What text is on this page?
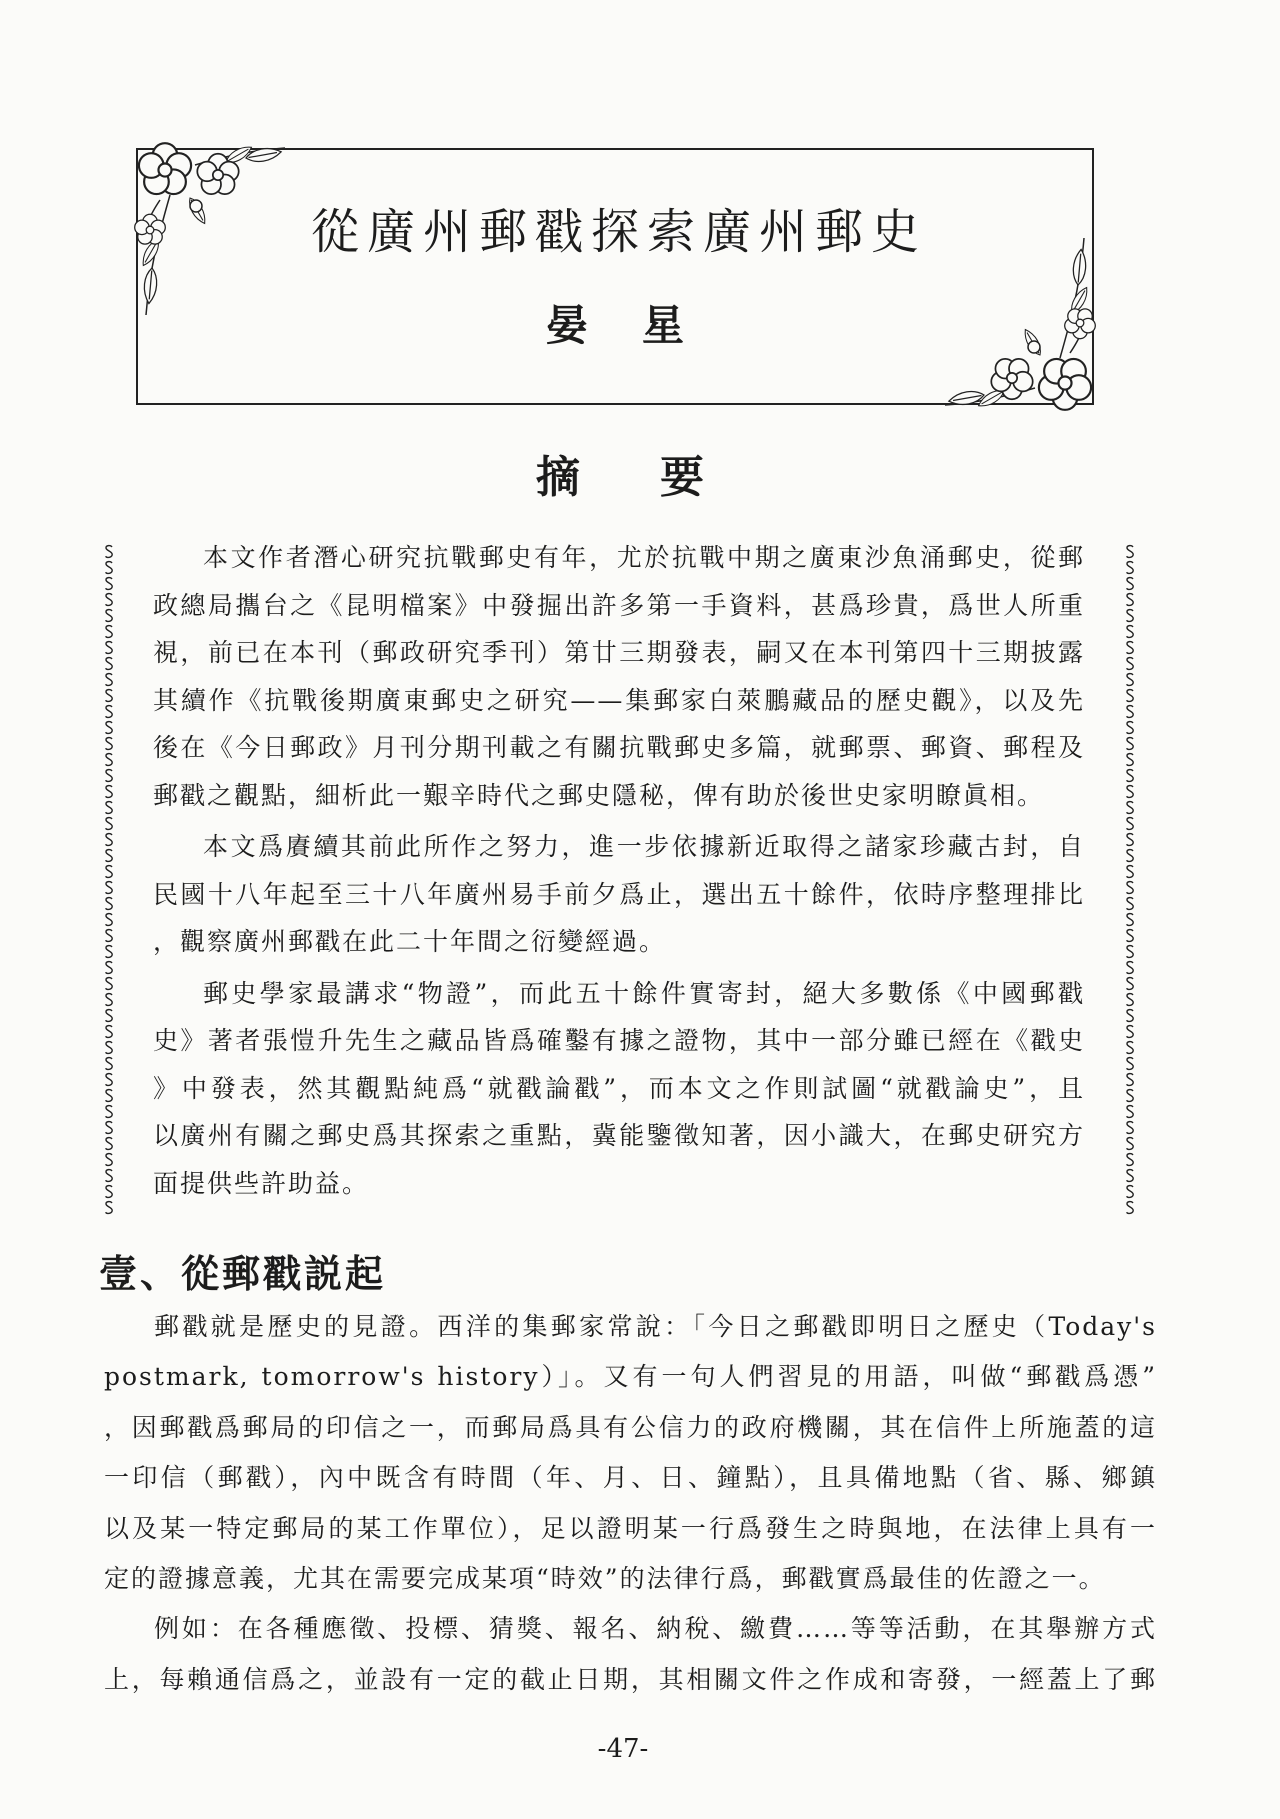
從廣州郵戳探索廣州郵史
晏　星
摘　要
本文作者潛心研究抗戰郵史有年，尤於抗戰中期之廣東沙魚涌郵史，從郵
政總局攜台之《昆明檔案》中發掘出許多第一手資料，甚爲珍貴，爲世人所重
視，前已在本刊（郵政研究季刊）第廿三期發表，嗣又在本刊第四十三期披露
其續作《抗戰後期廣東郵史之研究——集郵家白萊鵬藏品的歷史觀》，以及先
後在《今日郵政》月刊分期刊載之有關抗戰郵史多篇，就郵票、郵資、郵程及
郵戳之觀點，細析此一艱辛時代之郵史隱秘，俾有助於後世史家明瞭眞相。
本文爲賡續其前此所作之努力，進一步依據新近取得之諸家珍藏古封，自
民國十八年起至三十八年廣州易手前夕爲止，選出五十餘件，依時序整理排比
，觀察廣州郵戳在此二十年間之衍變經過。
郵史學家最講求“物證”，而此五十餘件實寄封，絕大多數係《中國郵戳
史》著者張愷升先生之藏品皆爲確鑿有據之證物，其中一部分雖已經在《戳史
》中發表，然其觀點純爲“就戳論戳”，而本文之作則試圖“就戳論史”，且
以廣州有關之郵史爲其探索之重點，冀能鑒徵知著，因小識大，在郵史研究方
面提供些許助益。
壹、從郵戳説起
郵戳就是歷史的見證。西洋的集郵家常說：「今日之郵戳即明日之歷史（Today's
postmark, tomorrow's history）」。又有一句人們習見的用語，叫做“郵戳爲憑”
，因郵戳爲郵局的印信之一，而郵局爲具有公信力的政府機關，其在信件上所施蓋的這
一印信（郵戳），內中既含有時間（年、月、日、鐘點），且具備地點（省、縣、鄉鎮
以及某一特定郵局的某工作單位），足以證明某一行爲發生之時與地，在法律上具有一
定的證據意義，尤其在需要完成某項“時效”的法律行爲，郵戳實爲最佳的佐證之一。
例如：在各種應徵、投標、猜獎、報名、納稅、繳費……等等活動，在其舉辦方式
上，每賴通信爲之，並設有一定的截止日期，其相關文件之作成和寄發，一經蓋上了郵
-47-
